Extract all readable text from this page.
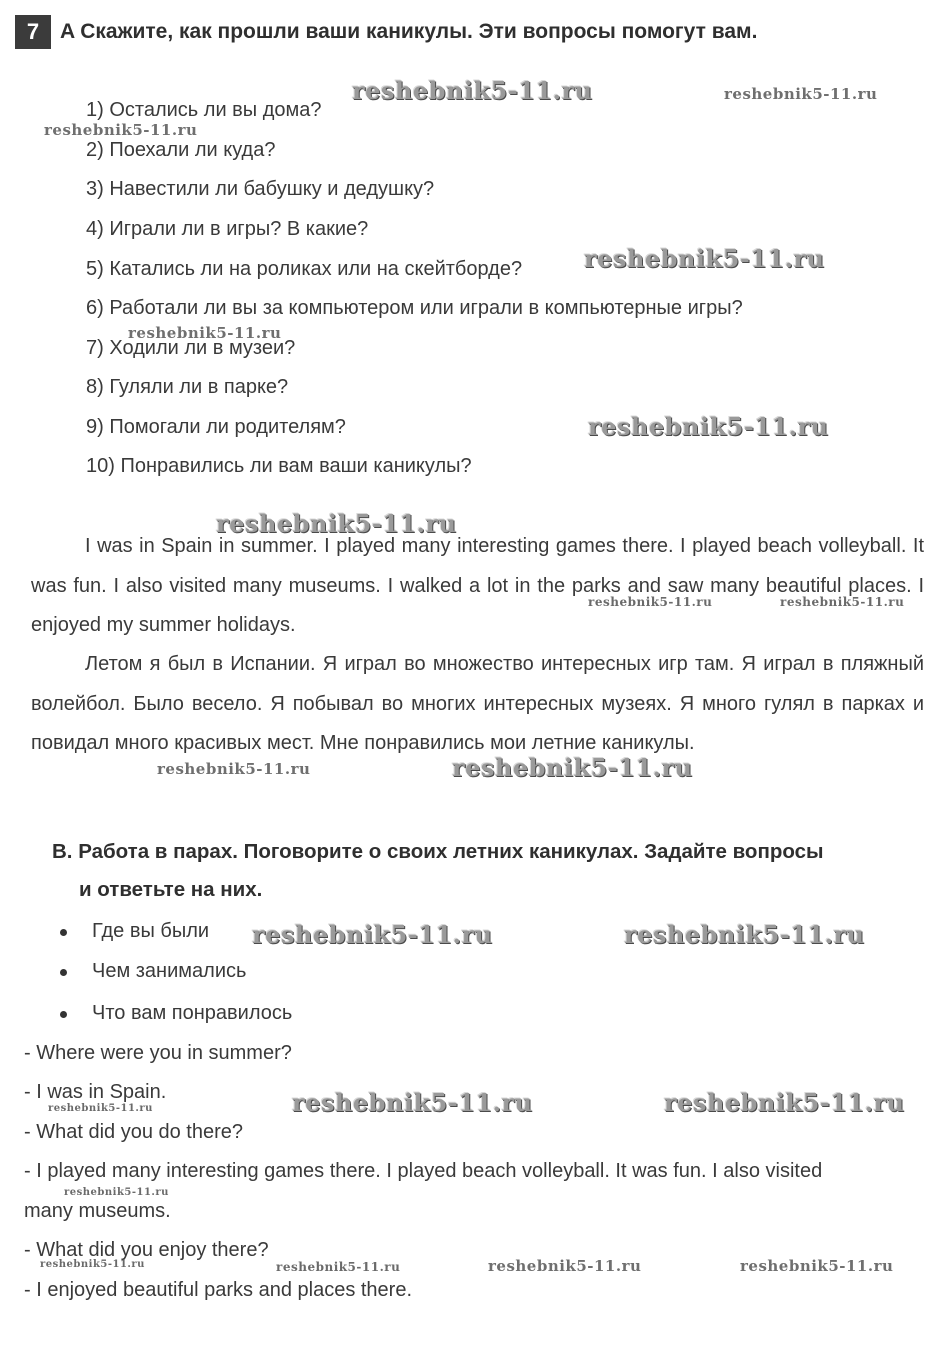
7 A Скажите, как прошли ваши каникулы. Эти вопросы помогут вам.
1) Остались ли вы дома?
2) Поехали ли куда?
3) Навестили ли бабушку и дедушку?
4) Играли ли в игры? В какие?
5) Катались ли на роликах или на скейтборде?
6) Работали ли вы за компьютером или играли в компьютерные игры?
7) Ходили ли в музеи?
8) Гуляли ли в парке?
9) Помогали ли родителям?
10) Понравились ли вам ваши каникулы?
I was in Spain in summer. I played many interesting games there. I played beach volleyball. It was fun. I also visited many museums. I walked a lot in the parks and saw many beautiful places. I enjoyed my summer holidays.
Летом я был в Испании. Я играл во множество интересных игр там. Я играл в пляжный волейбол. Было весело. Я побывал во многих интересных музеях. Я много гулял в парках и повидал много красивых мест. Мне понравились мои летние каникулы.
B. Работа в парах. Поговорите о своих летних каникулах. Задайте вопросы
и ответьте на них.
Где вы были
Чем занимались
Что вам понравилось
- Where were you in summer?
- I was in Spain.
- What did you do there?
- I played many interesting games there. I played beach volleyball. It was fun. I also visited
many museums.
- What did you enjoy there?
- I enjoyed beautiful parks and places there.
reshebnik5-11.ru	reshebnik5-11.ru
reshebnik5-11.ru
reshebnik5-11.ru
reshebnik5-11.ru
reshebnik5-11.ru
reshebnik5-11.ru
reshebnik5-11.ru	reshebnik5-11.ru
reshebnik5-11.ru	reshebnik5-11.ru
reshebnik5-11.ru	reshebnik5-11.ru
reshebnik5-11.ru	reshebnik5-11.ru	reshebnik5-11.ru
reshebnik5-11.ru
reshebnik5-11.ru	reshebnik5-11.ru	reshebnik5-11.ru	reshebnik5-11.ru
